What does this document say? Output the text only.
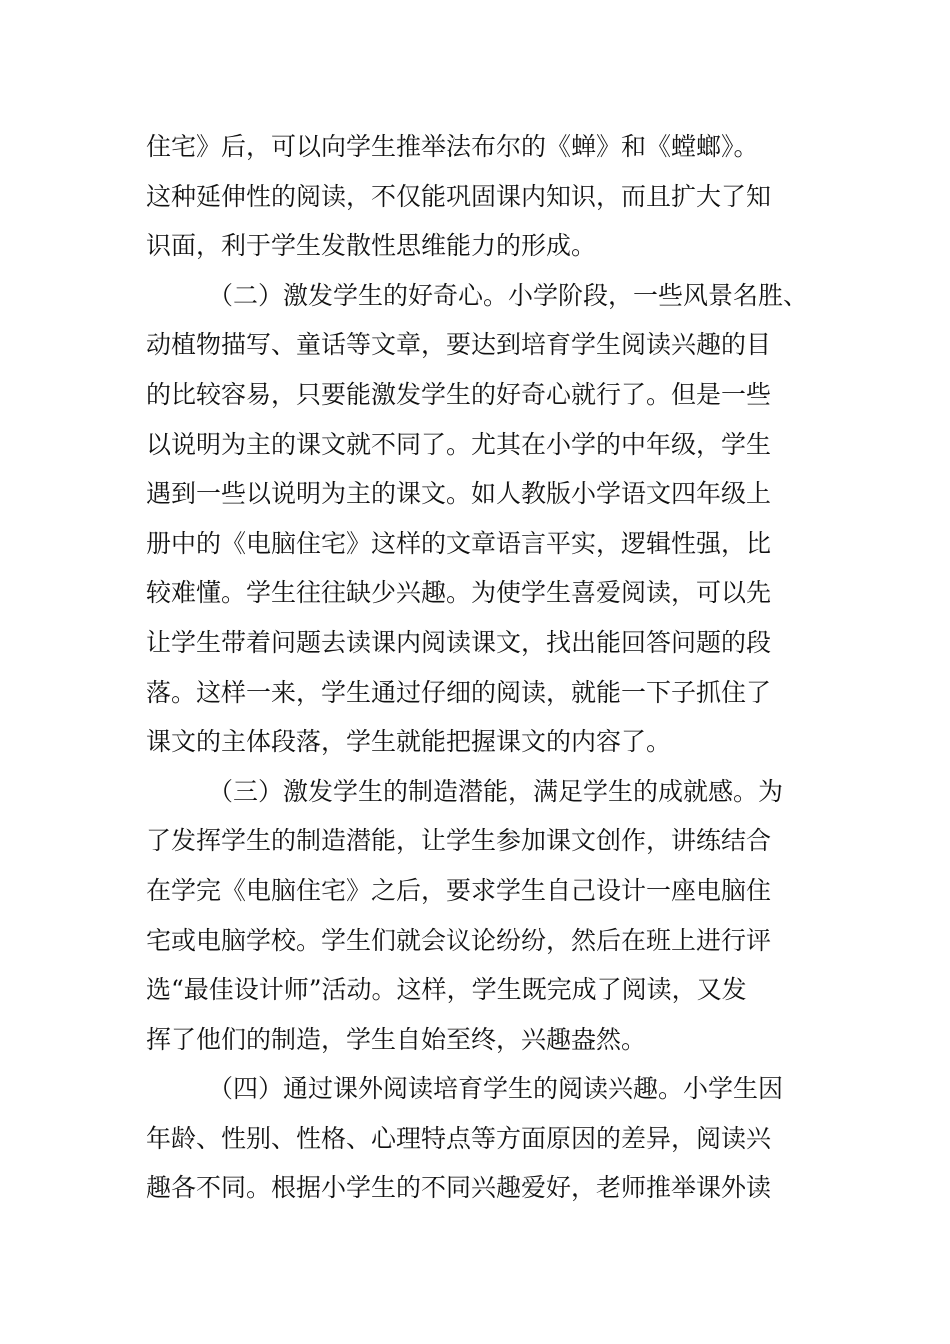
住宅》后，可以向学生推举法布尔的《蝉》和《螳螂》。
这种延伸性的阅读，不仅能巩固课内知识，而且扩大了知
识面，利于学生发散性思维能力的形成。
（二）激发学生的好奇心。小学阶段，一些风景名胜、
动植物描写、童话等文章，要达到培育学生阅读兴趣的目
的比较容易，只要能激发学生的好奇心就行了。但是一些
以说明为主的课文就不同了。尤其在小学的中年级，学生
遇到一些以说明为主的课文。如人教版小学语文四年级上
册中的《电脑住宅》这样的文章语言平实，逻辑性强，比
较难懂。学生往往缺少兴趣。为使学生喜爱阅读，可以先
让学生带着问题去读课内阅读课文，找出能回答问题的段
落。这样一来，学生通过仔细的阅读，就能一下子抓住了
课文的主体段落，学生就能把握课文的内容了。
（三）激发学生的制造潜能，满足学生的成就感。为
了发挥学生的制造潜能，让学生参加课文创作，讲练结合
在学完《电脑住宅》之后，要求学生自己设计一座电脑住
宅或电脑学校。学生们就会议论纷纷，然后在班上进行评
选“最佳设计师”活动。这样，学生既完成了阅读，又发
挥了他们的制造，学生自始至终，兴趣盎然。
（四）通过课外阅读培育学生的阅读兴趣。小学生因
年龄、性别、性格、心理特点等方面原因的差异，阅读兴
趣各不同。根据小学生的不同兴趣爱好，老师推举课外读
